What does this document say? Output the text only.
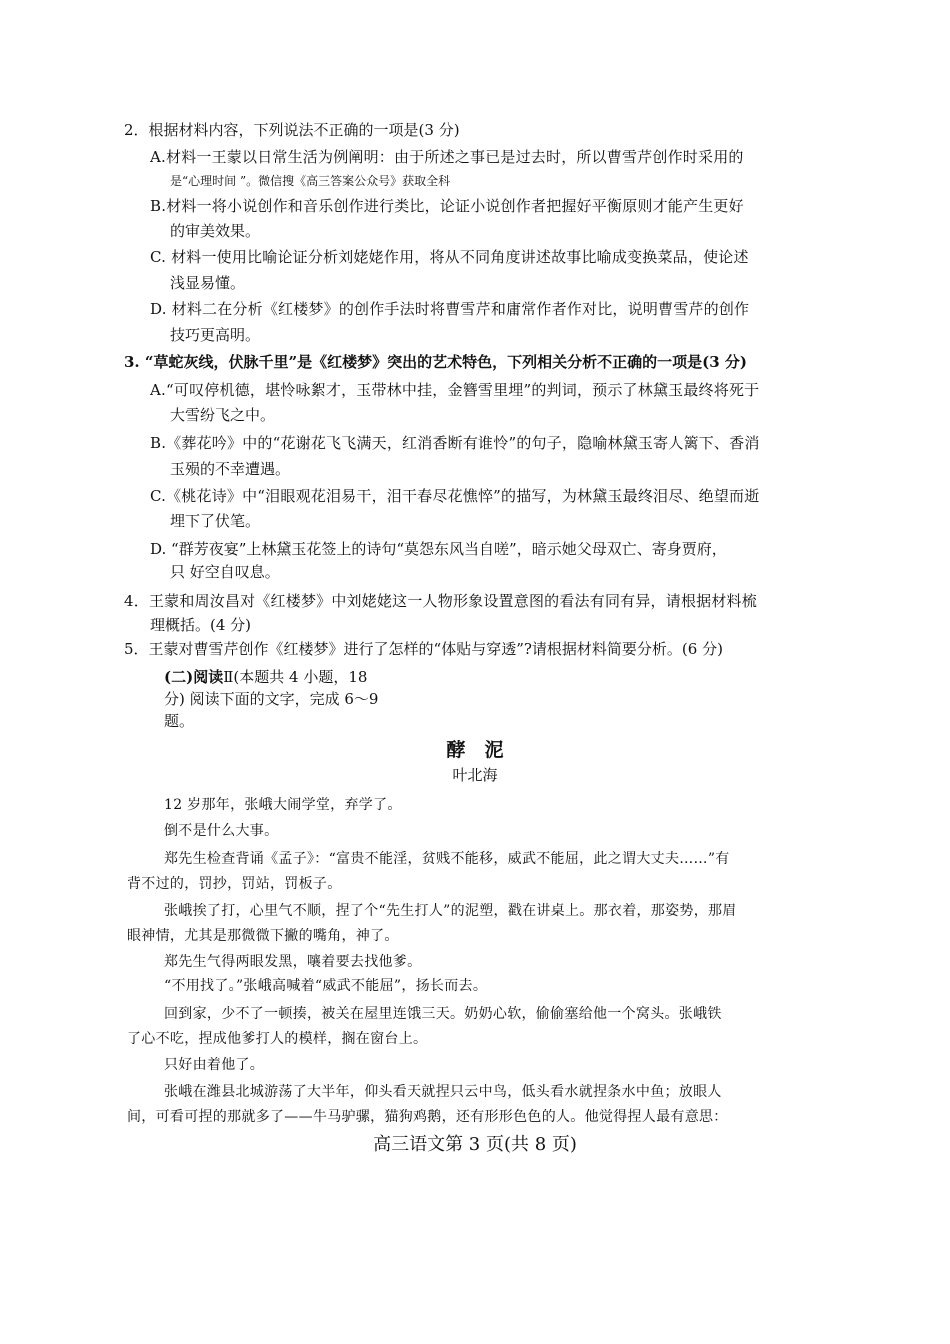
2．根据材料内容，下列说法不正确的一项是(3 分)
A.材料一王蒙以日常生活为例阐明：由于所述之事已是过去时，所以曹雪芹创作时采用的
是“心理时间 ”。微信搜《高三答案公众号》获取全科
B.材料一将小说创作和音乐创作进行类比，论证小说创作者把握好平衡原则才能产生更好
的审美效果。
C. 材料一使用比喻论证分析刘姥姥作用，将从不同角度讲述故事比喻成变换菜品，使论述
浅显易懂。
D. 材料二在分析《红楼梦》的创作手法时将曹雪芹和庸常作者作对比，说明曹雪芹的创作
技巧更高明。
3. “草蛇灰线，伏脉千里”是《红楼梦》突出的艺术特色，下列相关分析不正确的一项是(3 分)
A.“可叹停机德，堪怜咏絮才，玉带林中挂，金簪雪里埋”的判词，预示了林黛玉最终将死于
大雪纷飞之中。
B.《葬花吟》中的“花谢花飞飞满天，红消香断有谁怜”的句子，隐喻林黛玉寄人篱下、香消
玉殒的不幸遭遇。
C.《桃花诗》中“泪眼观花泪易干，泪干春尽花憔悴”的描写，为林黛玉最终泪尽、绝望而逝
埋下了伏笔。
D. “群芳夜宴”上林黛玉花签上的诗句“莫怨东风当自嗟”，暗示她父母双亡、寄身贾府，
只 好空自叹息。
4．王蒙和周汝昌对《红楼梦》中刘姥姥这一人物形象设置意图的看法有同有异，请根据材料梳
理概括。(4 分)
5．王蒙对曹雪芹创作《红楼梦》进行了怎样的“体贴与穿透”?请根据材料简要分析。(6 分)
(二)阅读Ⅱ(本题共 4 小题，18
分) 阅读下面的文字，完成 6～9
题。
酵　泥
叶北海
12 岁那年，张峨大闹学堂，弃学了。
倒不是什么大事。
郑先生检查背诵《孟子》：“富贵不能淫，贫贱不能移，威武不能屈，此之谓大丈夫……”有
背不过的，罚抄，罚站，罚板子。
张峨挨了打，心里气不顺，捏了个“先生打人”的泥塑，戳在讲桌上。那衣着，那姿势，那眉
眼神情，尤其是那微微下撇的嘴角，神了。
郑先生气得两眼发黑，嚷着要去找他爹。
“不用找了。”张峨高喊着“威武不能屈”，扬长而去。
回到家，少不了一顿揍，被关在屋里连饿三天。奶奶心软，偷偷塞给他一个窝头。张峨铁
了心不吃，捏成他爹打人的模样，搁在窗台上。
只好由着他了。
张峨在潍县北城游荡了大半年，仰头看天就捏只云中鸟，低头看水就捏条水中鱼；放眼人
间，可看可捏的那就多了——牛马驴骡，猫狗鸡鹅，还有形形色色的人。他觉得捏人最有意思：
高三语文第 3 页(共 8 页)
